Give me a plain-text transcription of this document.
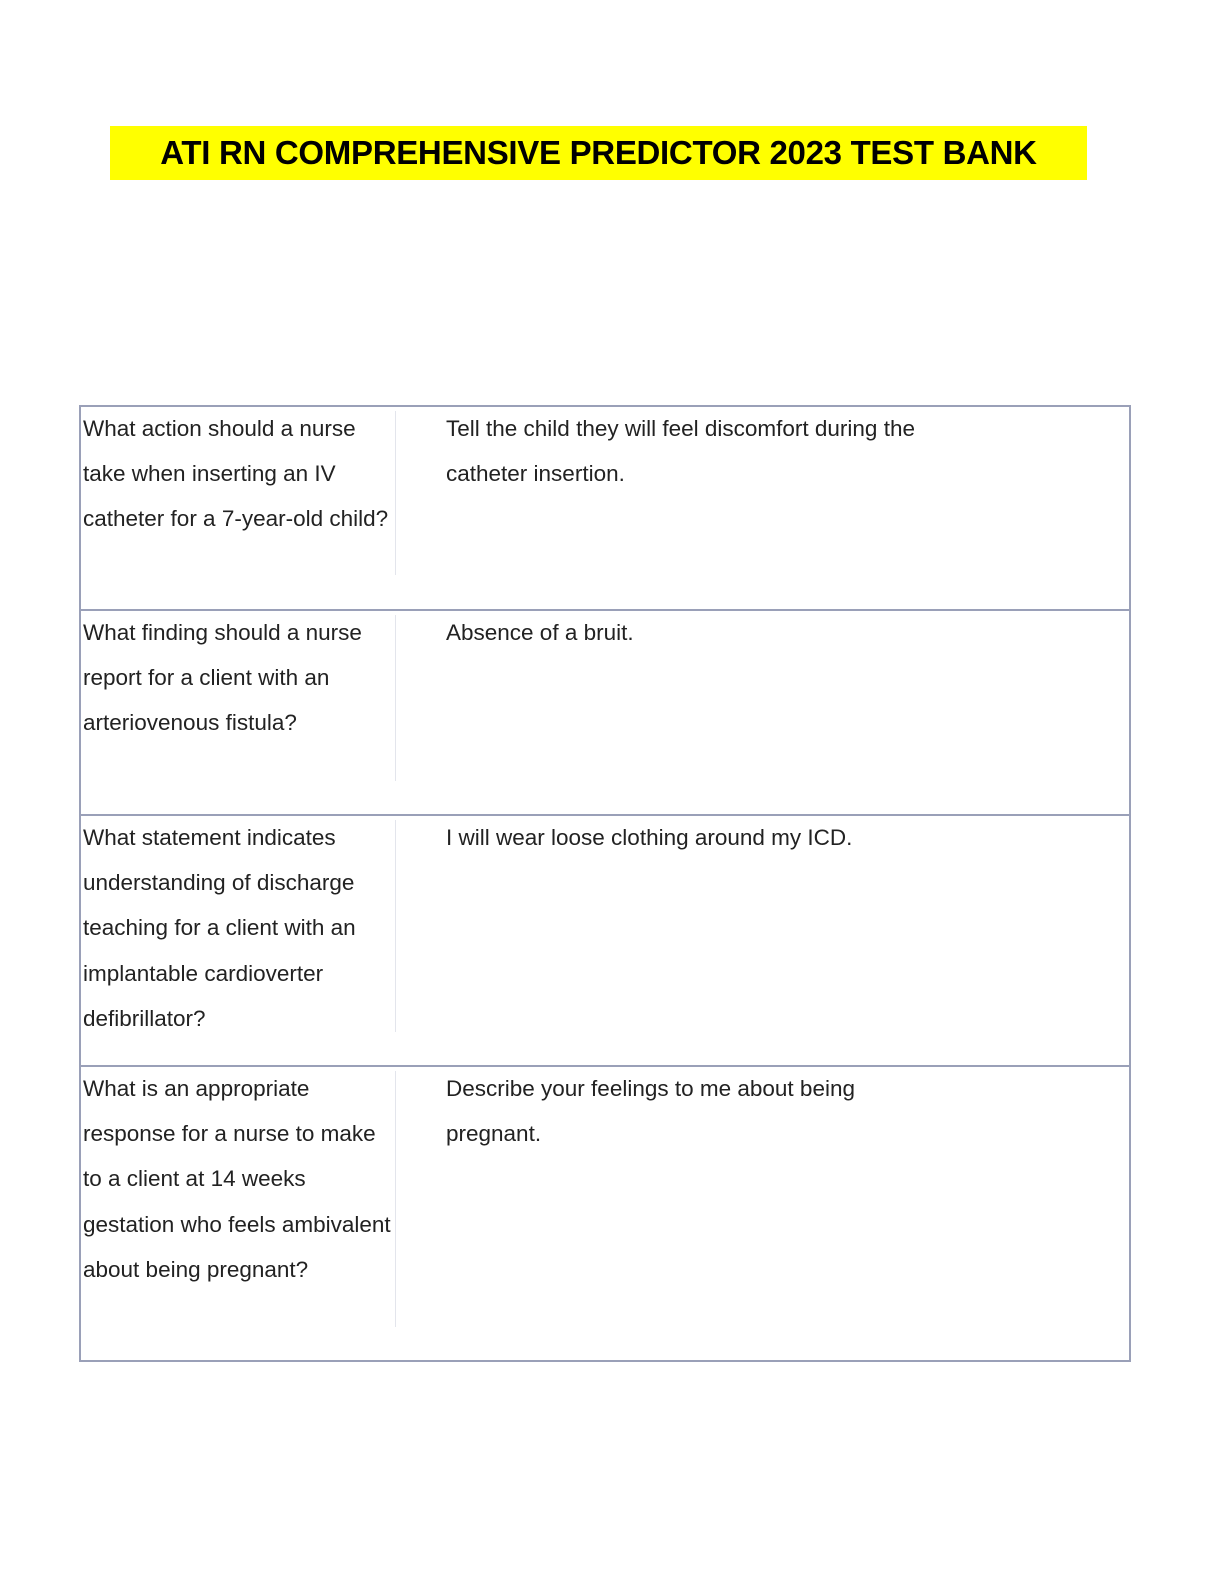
ATI RN COMPREHENSIVE PREDICTOR 2023 TEST BANK
What action should a nurse take when inserting an IV catheter for a 7-year-old child?
Tell the child they will feel discomfort during the catheter insertion.
What finding should a nurse report for a client with an arteriovenous fistula?
Absence of a bruit.
What statement indicates understanding of discharge teaching for a client with an implantable cardioverter defibrillator?
I will wear loose clothing around my ICD.
What is an appropriate response for a nurse to make to a client at 14 weeks gestation who feels ambivalent about being pregnant?
Describe your feelings to me about being pregnant.
